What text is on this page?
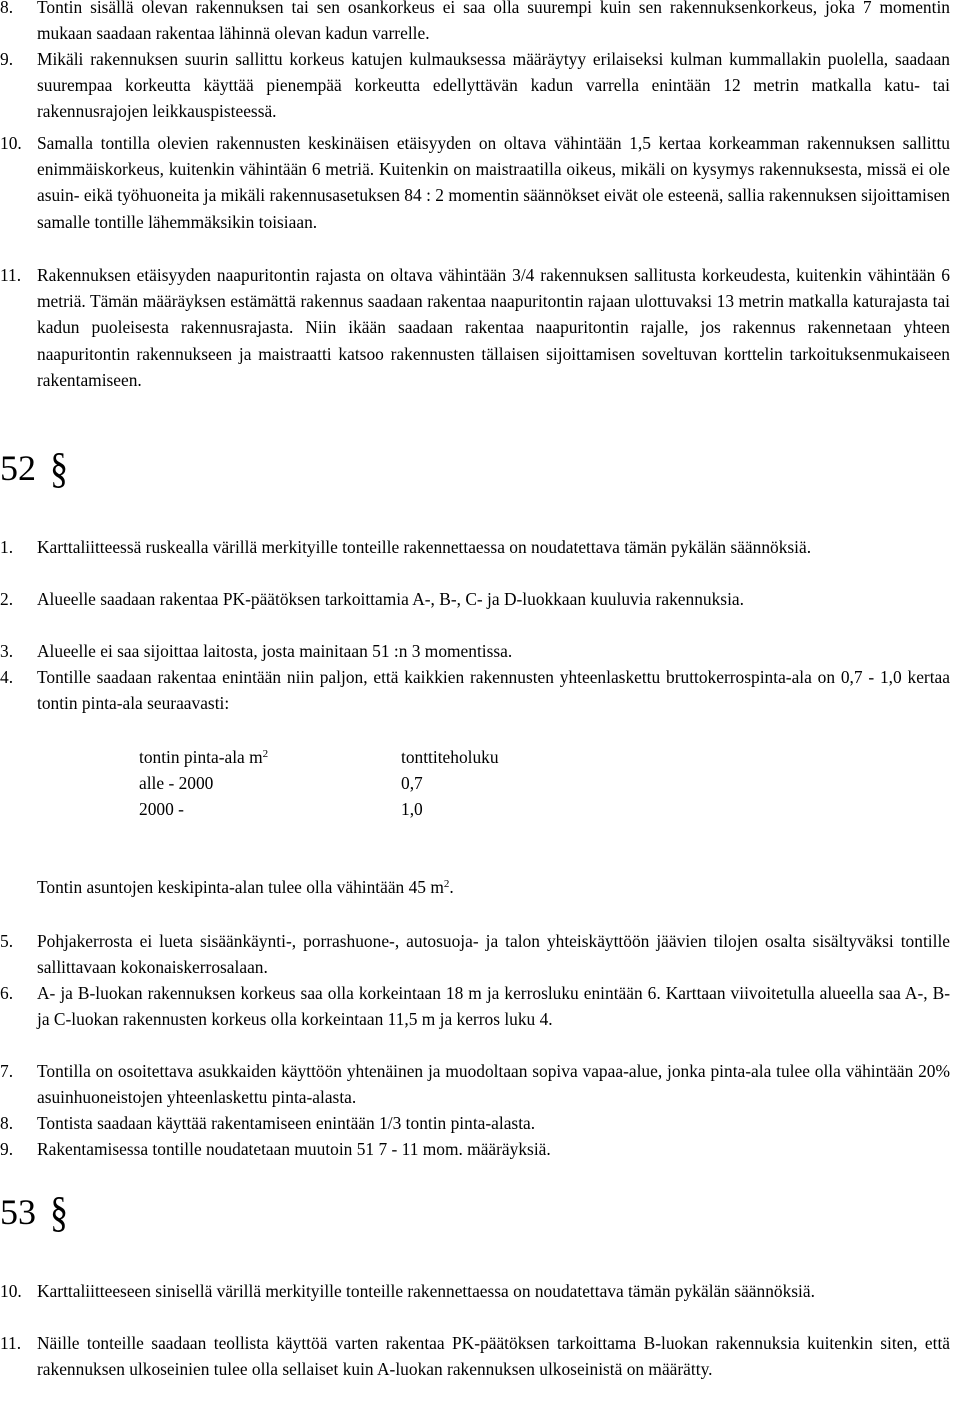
8.	Tontin sisällä olevan rakennuksen tai sen osankorkeus ei saa olla suurempi kuin sen rakennuksenkorkeus, joka 7 momentin mukaan saadaan rakentaa lähinnä olevan kadun varrelle.
9.	Mikäli rakennuksen suurin sallittu korkeus katujen kulmauksessa määräytyy erilaiseksi kulman kummallakin puolella, saadaan suurempaa korkeutta käyttää pienempää korkeutta edellyttävän kadun varrella enintään 12 metrin matkalla katu- tai rakennusrajojen leikkauspisteessä.
10. Samalla tontilla olevien rakennusten keskinäisen etäisyyden on oltava vähintään 1,5 kertaa korkeamman rakennuksen sallittu enimmäiskorkeus, kuitenkin vähintään 6 metriä. Kuitenkin on maistraatilla oikeus, mikäli on kysymys rakennuksesta, missä ei ole asuin- eikä työhuoneita ja mikäli rakennusasetuksen 84 : 2 momentin säännökset eivät ole esteenä, sallia rakennuksen sijoittamisen samalle tontille lähemmäksikin toisiaan.
11. Rakennuksen etäisyyden naapuritontin rajasta on oltava vähintään 3/4 rakennuksen sallitusta korkeudesta, kuitenkin vähintään 6 metriä. Tämän määräyksen estämättä rakennus saadaan rakentaa naapuritontin rajaan ulottuvaksi 13 metrin matkalla katurajasta tai kadun puoleisesta rakennusrajasta. Niin ikään saadaan rakentaa naapuritontin rajalle, jos rakennus rakennetaan yhteen naapuritontin rakennukseen ja maistraatti katsoo rakennusten tällaisen sijoittamisen soveltuvan korttelin tarkoituksenmukaiseen rakentamiseen.
52 §
1.	Karttaliitteessä ruskealla värillä merkityille tonteille rakennettaessa on noudatettava tämän pykälän säännöksiä.
2.	Alueelle saadaan rakentaa PK-päätöksen tarkoittamia A-, B-, C- ja D-luokkaan kuuluvia rakennuksia.
3.	Alueelle ei saa sijoittaa laitosta, josta mainitaan 51 :n 3 momentissa.
4.	Tontille saadaan rakentaa enintään niin paljon, että kaikkien rakennusten yhteenlaskettu bruttokerrospinta-ala on 0,7 - 1,0 kertaa tontin pinta-ala seuraavasti:
tontin pinta-ala $m^2$	tonttiteholuku
alle - 2000	0,7
2000 -	1,0
Tontin asuntojen keskipinta-alan tulee olla vähintään 45 $m^2$.
5.	Pohjakerrosta ei lueta sisäänkäynti-, porrashuone-, autosuoja- ja talon yhteiskäyttöön jäävien tilojen osalta sisältyväksi tontille sallittavaan kokonaiskerrosalaan.
6.	A- ja B-luokan rakennuksen korkeus saa olla korkeintaan 18 m ja kerrosluku enintään 6. Karttaan viivoitetulla alueella saa A-, B- ja C-luokan rakennusten korkeus olla korkeintaan 11,5 m ja kerros luku 4.
7.	Tontilla on osoitettava asukkaiden käyttöön yhtenäinen ja muodoltaan sopiva vapaa-alue, jonka pinta-ala tulee olla vähintään 20% asuinhuoneistojen yhteenlaskettu pinta-alasta.
8.	Tontista saadaan käyttää rakentamiseen enintään 1/3 tontin pinta-alasta.
9.	Rakentamisessa tontille noudatetaan muutoin 51 7 - 11 mom. määräyksiä.
53 §
10. Karttaliitteeseen sinisellä värillä merkityille tonteille rakennettaessa on noudatettava tämän pykälän säännöksiä.
11. Näille tonteille saadaan teollista käyttöä varten rakentaa PK-päätöksen tarkoittama B-luokan rakennuksia kuitenkin siten, että rakennuksen ulkoseinien tulee olla sellaiset kuin A-luokan rakennuksen ulkoseinistä on määrätty.
